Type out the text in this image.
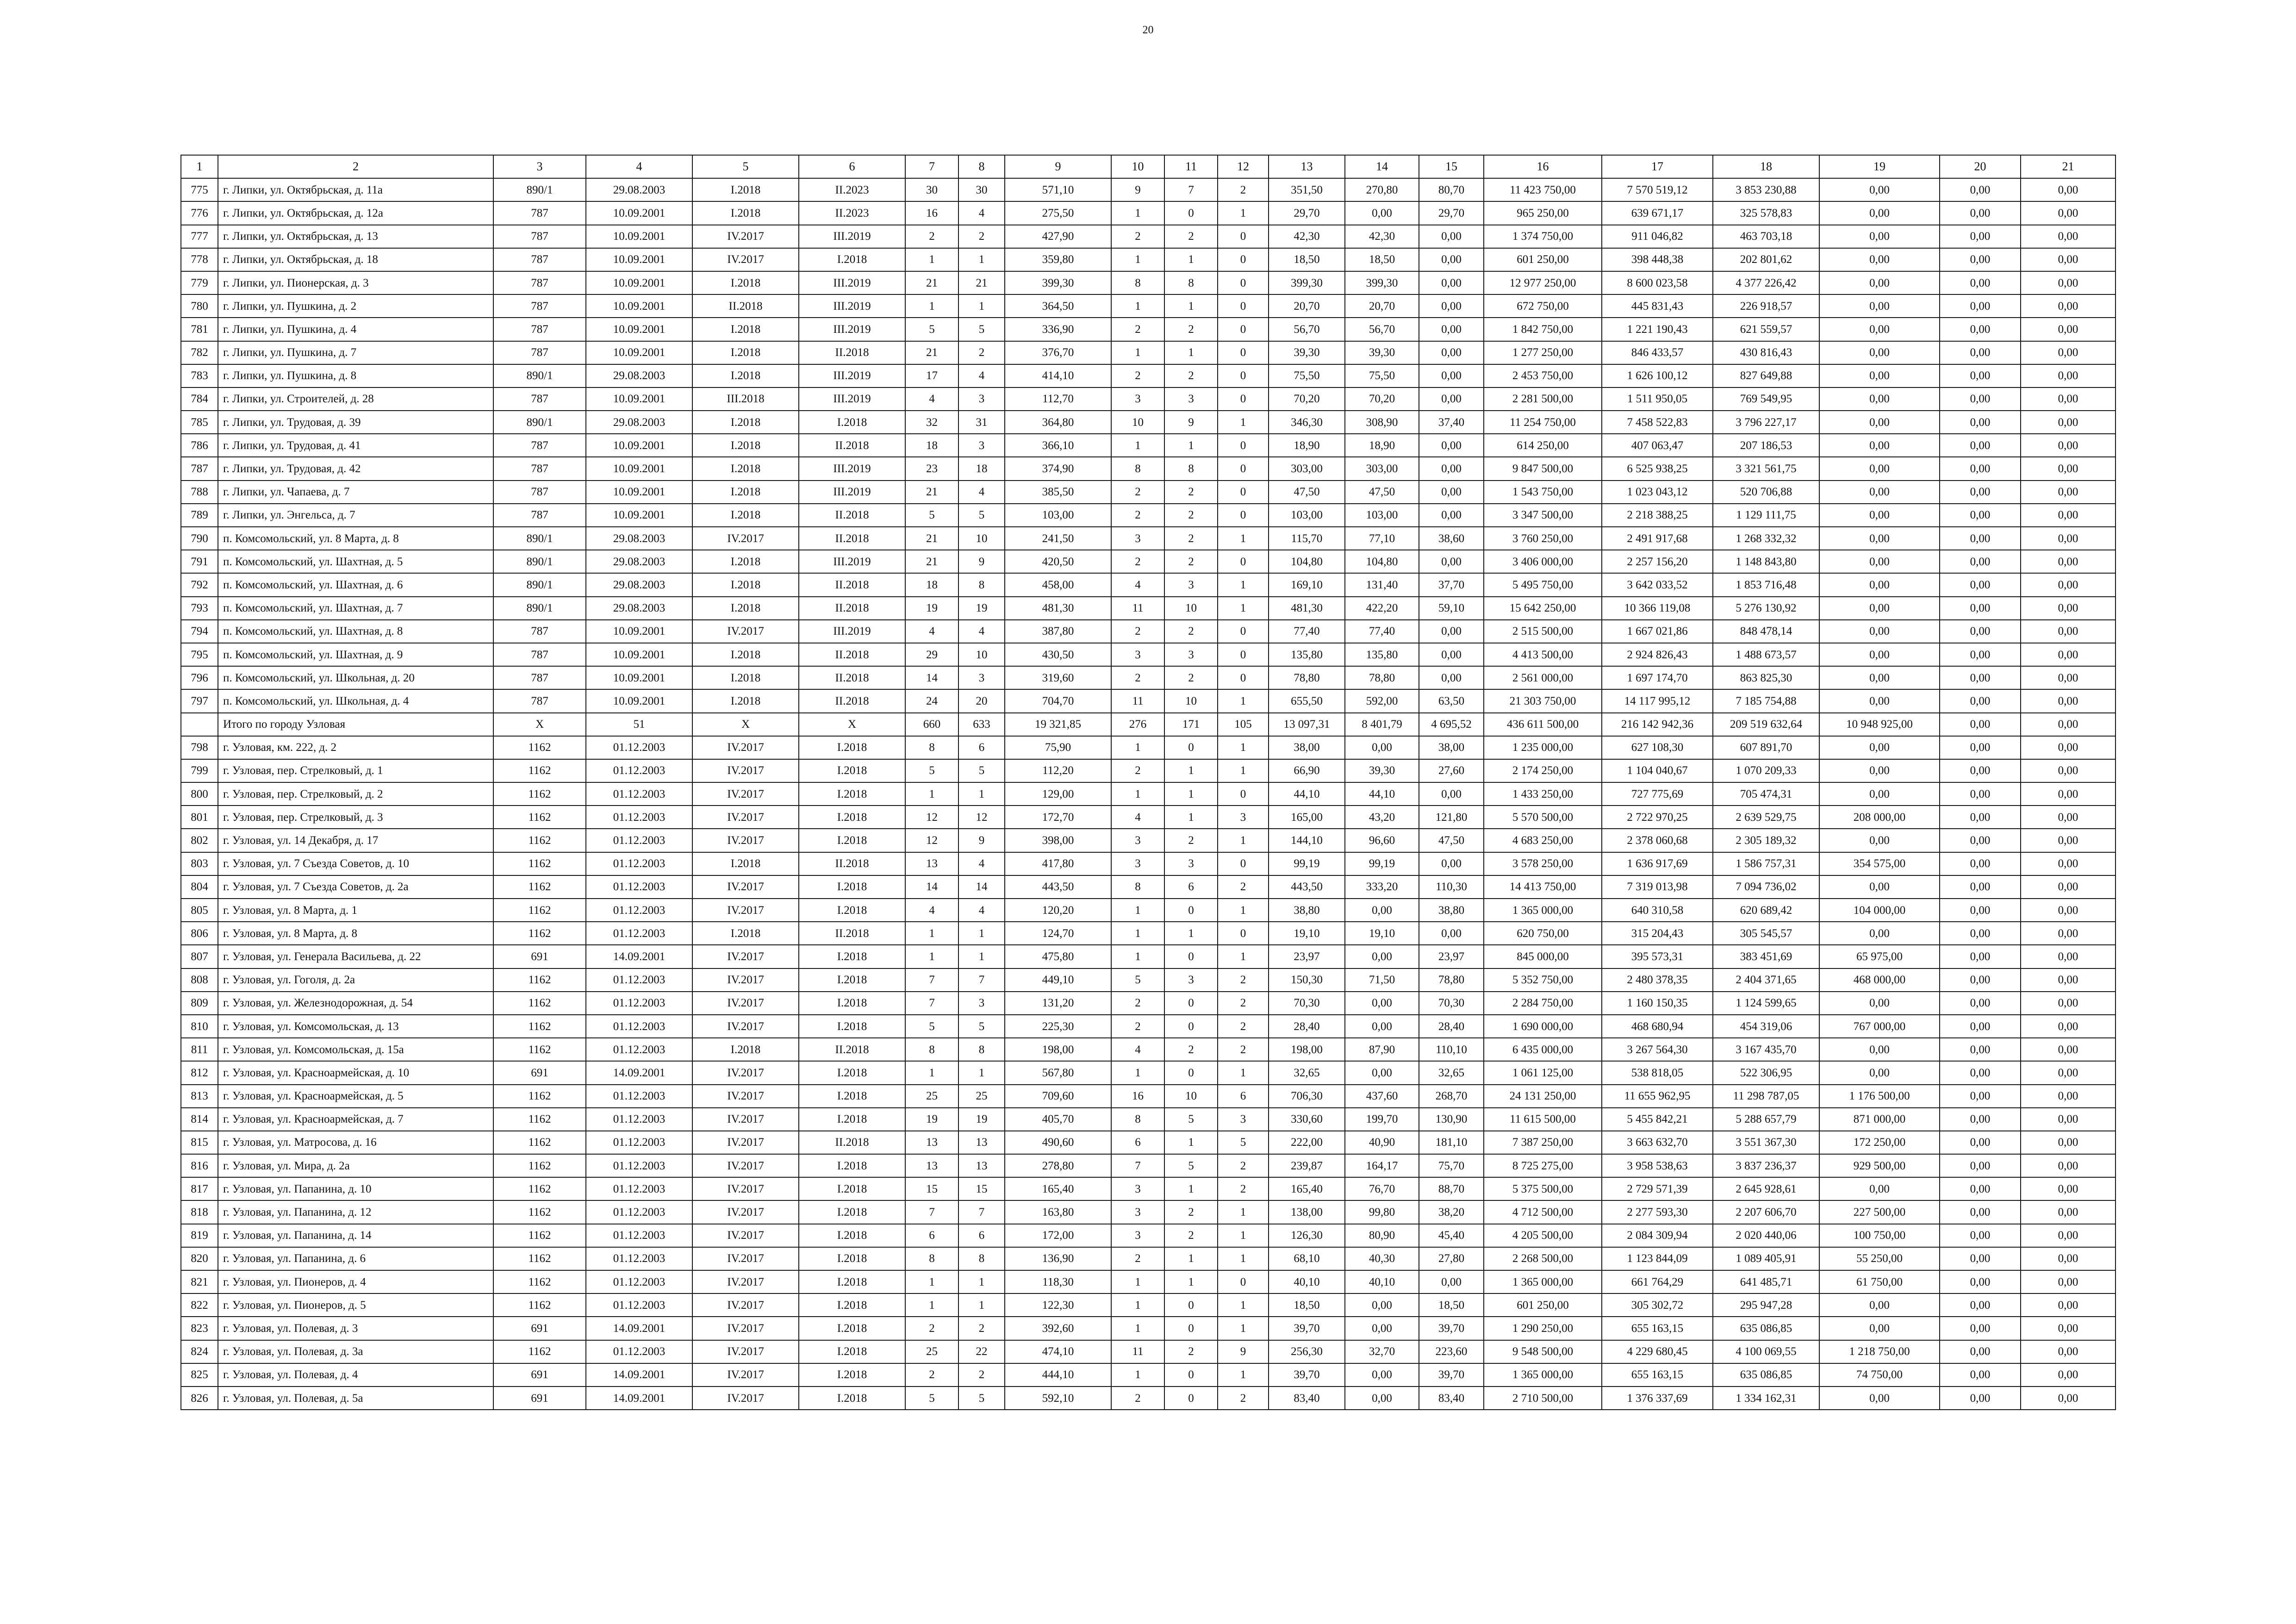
20
1	2	3	4	5	6	7	8	9	10	11	12	13	14	15	16	17	18	19	20	21
775	г. Липки, ул. Октябрьская, д. 11а	890/1	29.08.2003	I.2018	II.2023	30	30	571,10	9	7	2	351,50	270,80	80,70	11 423 750,00	7 570 519,12	3 853 230,88	0,00	0,00	0,00
776	г. Липки, ул. Октябрьская, д. 12а	787	10.09.2001	I.2018	II.2023	16	4	275,50	1	0	1	29,70	0,00	29,70	965 250,00	639 671,17	325 578,83	0,00	0,00	0,00
777	г. Липки, ул. Октябрьская, д. 13	787	10.09.2001	IV.2017	III.2019	2	2	427,90	2	2	0	42,30	42,30	0,00	1 374 750,00	911 046,82	463 703,18	0,00	0,00	0,00
778	г. Липки, ул. Октябрьская, д. 18	787	10.09.2001	IV.2017	I.2018	1	1	359,80	1	1	0	18,50	18,50	0,00	601 250,00	398 448,38	202 801,62	0,00	0,00	0,00
779	г. Липки, ул. Пионерская, д. 3	787	10.09.2001	I.2018	III.2019	21	21	399,30	8	8	0	399,30	399,30	0,00	12 977 250,00	8 600 023,58	4 377 226,42	0,00	0,00	0,00
780	г. Липки, ул. Пушкина, д. 2	787	10.09.2001	II.2018	III.2019	1	1	364,50	1	1	0	20,70	20,70	0,00	672 750,00	445 831,43	226 918,57	0,00	0,00	0,00
781	г. Липки, ул. Пушкина, д. 4	787	10.09.2001	I.2018	III.2019	5	5	336,90	2	2	0	56,70	56,70	0,00	1 842 750,00	1 221 190,43	621 559,57	0,00	0,00	0,00
782	г. Липки, ул. Пушкина, д. 7	787	10.09.2001	I.2018	II.2018	21	2	376,70	1	1	0	39,30	39,30	0,00	1 277 250,00	846 433,57	430 816,43	0,00	0,00	0,00
783	г. Липки, ул. Пушкина, д. 8	890/1	29.08.2003	I.2018	III.2019	17	4	414,10	2	2	0	75,50	75,50	0,00	2 453 750,00	1 626 100,12	827 649,88	0,00	0,00	0,00
784	г. Липки, ул. Строителей, д. 28	787	10.09.2001	III.2018	III.2019	4	3	112,70	3	3	0	70,20	70,20	0,00	2 281 500,00	1 511 950,05	769 549,95	0,00	0,00	0,00
785	г. Липки, ул. Трудовая, д. 39	890/1	29.08.2003	I.2018	I.2018	32	31	364,80	10	9	1	346,30	308,90	37,40	11 254 750,00	7 458 522,83	3 796 227,17	0,00	0,00	0,00
786	г. Липки, ул. Трудовая, д. 41	787	10.09.2001	I.2018	II.2018	18	3	366,10	1	1	0	18,90	18,90	0,00	614 250,00	407 063,47	207 186,53	0,00	0,00	0,00
787	г. Липки, ул. Трудовая, д. 42	787	10.09.2001	I.2018	III.2019	23	18	374,90	8	8	0	303,00	303,00	0,00	9 847 500,00	6 525 938,25	3 321 561,75	0,00	0,00	0,00
788	г. Липки, ул. Чапаева, д. 7	787	10.09.2001	I.2018	III.2019	21	4	385,50	2	2	0	47,50	47,50	0,00	1 543 750,00	1 023 043,12	520 706,88	0,00	0,00	0,00
789	г. Липки, ул. Энгельса, д. 7	787	10.09.2001	I.2018	II.2018	5	5	103,00	2	2	0	103,00	103,00	0,00	3 347 500,00	2 218 388,25	1 129 111,75	0,00	0,00	0,00
790	п. Комсомольский, ул. 8 Марта, д. 8	890/1	29.08.2003	IV.2017	II.2018	21	10	241,50	3	2	1	115,70	77,10	38,60	3 760 250,00	2 491 917,68	1 268 332,32	0,00	0,00	0,00
791	п. Комсомольский, ул. Шахтная, д. 5	890/1	29.08.2003	I.2018	III.2019	21	9	420,50	2	2	0	104,80	104,80	0,00	3 406 000,00	2 257 156,20	1 148 843,80	0,00	0,00	0,00
792	п. Комсомольский, ул. Шахтная, д. 6	890/1	29.08.2003	I.2018	II.2018	18	8	458,00	4	3	1	169,10	131,40	37,70	5 495 750,00	3 642 033,52	1 853 716,48	0,00	0,00	0,00
793	п. Комсомольский, ул. Шахтная, д. 7	890/1	29.08.2003	I.2018	II.2018	19	19	481,30	11	10	1	481,30	422,20	59,10	15 642 250,00	10 366 119,08	5 276 130,92	0,00	0,00	0,00
794	п. Комсомольский, ул. Шахтная, д. 8	787	10.09.2001	IV.2017	III.2019	4	4	387,80	2	2	0	77,40	77,40	0,00	2 515 500,00	1 667 021,86	848 478,14	0,00	0,00	0,00
795	п. Комсомольский, ул. Шахтная, д. 9	787	10.09.2001	I.2018	II.2018	29	10	430,50	3	3	0	135,80	135,80	0,00	4 413 500,00	2 924 826,43	1 488 673,57	0,00	0,00	0,00
796	п. Комсомольский, ул. Школьная, д. 20	787	10.09.2001	I.2018	II.2018	14	3	319,60	2	2	0	78,80	78,80	0,00	2 561 000,00	1 697 174,70	863 825,30	0,00	0,00	0,00
797	п. Комсомольский, ул. Школьная, д. 4	787	10.09.2001	I.2018	II.2018	24	20	704,70	11	10	1	655,50	592,00	63,50	21 303 750,00	14 117 995,12	7 185 754,88	0,00	0,00	0,00
	Итого по городу Узловая	X	51	X	X	660	633	19 321,85	276	171	105	13 097,31	8 401,79	4 695,52	436 611 500,00	216 142 942,36	209 519 632,64	10 948 925,00	0,00	0,00
798	г. Узловая, км. 222, д. 2	1162	01.12.2003	IV.2017	I.2018	8	6	75,90	1	0	1	38,00	0,00	38,00	1 235 000,00	627 108,30	607 891,70	0,00	0,00	0,00
799	г. Узловая, пер. Стрелковый, д. 1	1162	01.12.2003	IV.2017	I.2018	5	5	112,20	2	1	1	66,90	39,30	27,60	2 174 250,00	1 104 040,67	1 070 209,33	0,00	0,00	0,00
800	г. Узловая, пер. Стрелковый, д. 2	1162	01.12.2003	IV.2017	I.2018	1	1	129,00	1	1	0	44,10	44,10	0,00	1 433 250,00	727 775,69	705 474,31	0,00	0,00	0,00
801	г. Узловая, пер. Стрелковый, д. 3	1162	01.12.2003	IV.2017	I.2018	12	12	172,70	4	1	3	165,00	43,20	121,80	5 570 500,00	2 722 970,25	2 639 529,75	208 000,00	0,00	0,00
802	г. Узловая, ул. 14 Декабря, д. 17	1162	01.12.2003	IV.2017	I.2018	12	9	398,00	3	2	1	144,10	96,60	47,50	4 683 250,00	2 378 060,68	2 305 189,32	0,00	0,00	0,00
803	г. Узловая, ул. 7 Съезда Советов, д. 10	1162	01.12.2003	I.2018	II.2018	13	4	417,80	3	3	0	99,19	99,19	0,00	3 578 250,00	1 636 917,69	1 586 757,31	354 575,00	0,00	0,00
804	г. Узловая, ул. 7 Съезда Советов, д. 2а	1162	01.12.2003	IV.2017	I.2018	14	14	443,50	8	6	2	443,50	333,20	110,30	14 413 750,00	7 319 013,98	7 094 736,02	0,00	0,00	0,00
805	г. Узловая, ул. 8 Марта, д. 1	1162	01.12.2003	IV.2017	I.2018	4	4	120,20	1	0	1	38,80	0,00	38,80	1 365 000,00	640 310,58	620 689,42	104 000,00	0,00	0,00
806	г. Узловая, ул. 8 Марта, д. 8	1162	01.12.2003	I.2018	II.2018	1	1	124,70	1	1	0	19,10	19,10	0,00	620 750,00	315 204,43	305 545,57	0,00	0,00	0,00
807	г. Узловая, ул. Генерала Васильева, д. 22	691	14.09.2001	IV.2017	I.2018	1	1	475,80	1	0	1	23,97	0,00	23,97	845 000,00	395 573,31	383 451,69	65 975,00	0,00	0,00
808	г. Узловая, ул. Гоголя, д. 2а	1162	01.12.2003	IV.2017	I.2018	7	7	449,10	5	3	2	150,30	71,50	78,80	5 352 750,00	2 480 378,35	2 404 371,65	468 000,00	0,00	0,00
809	г. Узловая, ул. Железнодорожная, д. 54	1162	01.12.2003	IV.2017	I.2018	7	3	131,20	2	0	2	70,30	0,00	70,30	2 284 750,00	1 160 150,35	1 124 599,65	0,00	0,00	0,00
810	г. Узловая, ул. Комсомольская, д. 13	1162	01.12.2003	IV.2017	I.2018	5	5	225,30	2	0	2	28,40	0,00	28,40	1 690 000,00	468 680,94	454 319,06	767 000,00	0,00	0,00
811	г. Узловая, ул. Комсомольская, д. 15а	1162	01.12.2003	I.2018	II.2018	8	8	198,00	4	2	2	198,00	87,90	110,10	6 435 000,00	3 267 564,30	3 167 435,70	0,00	0,00	0,00
812	г. Узловая, ул. Красноармейская, д. 10	691	14.09.2001	IV.2017	I.2018	1	1	567,80	1	0	1	32,65	0,00	32,65	1 061 125,00	538 818,05	522 306,95	0,00	0,00	0,00
813	г. Узловая, ул. Красноармейская, д. 5	1162	01.12.2003	IV.2017	I.2018	25	25	709,60	16	10	6	706,30	437,60	268,70	24 131 250,00	11 655 962,95	11 298 787,05	1 176 500,00	0,00	0,00
814	г. Узловая, ул. Красноармейская, д. 7	1162	01.12.2003	IV.2017	I.2018	19	19	405,70	8	5	3	330,60	199,70	130,90	11 615 500,00	5 455 842,21	5 288 657,79	871 000,00	0,00	0,00
815	г. Узловая, ул. Матросова, д. 16	1162	01.12.2003	IV.2017	II.2018	13	13	490,60	6	1	5	222,00	40,90	181,10	7 387 250,00	3 663 632,70	3 551 367,30	172 250,00	0,00	0,00
816	г. Узловая, ул. Мира, д. 2а	1162	01.12.2003	IV.2017	I.2018	13	13	278,80	7	5	2	239,87	164,17	75,70	8 725 275,00	3 958 538,63	3 837 236,37	929 500,00	0,00	0,00
817	г. Узловая, ул. Папанина, д. 10	1162	01.12.2003	IV.2017	I.2018	15	15	165,40	3	1	2	165,40	76,70	88,70	5 375 500,00	2 729 571,39	2 645 928,61	0,00	0,00	0,00
818	г. Узловая, ул. Папанина, д. 12	1162	01.12.2003	IV.2017	I.2018	7	7	163,80	3	2	1	138,00	99,80	38,20	4 712 500,00	2 277 593,30	2 207 606,70	227 500,00	0,00	0,00
819	г. Узловая, ул. Папанина, д. 14	1162	01.12.2003	IV.2017	I.2018	6	6	172,00	3	2	1	126,30	80,90	45,40	4 205 500,00	2 084 309,94	2 020 440,06	100 750,00	0,00	0,00
820	г. Узловая, ул. Папанина, д. 6	1162	01.12.2003	IV.2017	I.2018	8	8	136,90	2	1	1	68,10	40,30	27,80	2 268 500,00	1 123 844,09	1 089 405,91	55 250,00	0,00	0,00
821	г. Узловая, ул. Пионеров, д. 4	1162	01.12.2003	IV.2017	I.2018	1	1	118,30	1	1	0	40,10	40,10	0,00	1 365 000,00	661 764,29	641 485,71	61 750,00	0,00	0,00
822	г. Узловая, ул. Пионеров, д. 5	1162	01.12.2003	IV.2017	I.2018	1	1	122,30	1	0	1	18,50	0,00	18,50	601 250,00	305 302,72	295 947,28	0,00	0,00	0,00
823	г. Узловая, ул. Полевая, д. 3	691	14.09.2001	IV.2017	I.2018	2	2	392,60	1	0	1	39,70	0,00	39,70	1 290 250,00	655 163,15	635 086,85	0,00	0,00	0,00
824	г. Узловая, ул. Полевая, д. 3а	1162	01.12.2003	IV.2017	I.2018	25	22	474,10	11	2	9	256,30	32,70	223,60	9 548 500,00	4 229 680,45	4 100 069,55	1 218 750,00	0,00	0,00
825	г. Узловая, ул. Полевая, д. 4	691	14.09.2001	IV.2017	I.2018	2	2	444,10	1	0	1	39,70	0,00	39,70	1 365 000,00	655 163,15	635 086,85	74 750,00	0,00	0,00
826	г. Узловая, ул. Полевая, д. 5а	691	14.09.2001	IV.2017	I.2018	5	5	592,10	2	0	2	83,40	0,00	83,40	2 710 500,00	1 376 337,69	1 334 162,31	0,00	0,00	0,00
